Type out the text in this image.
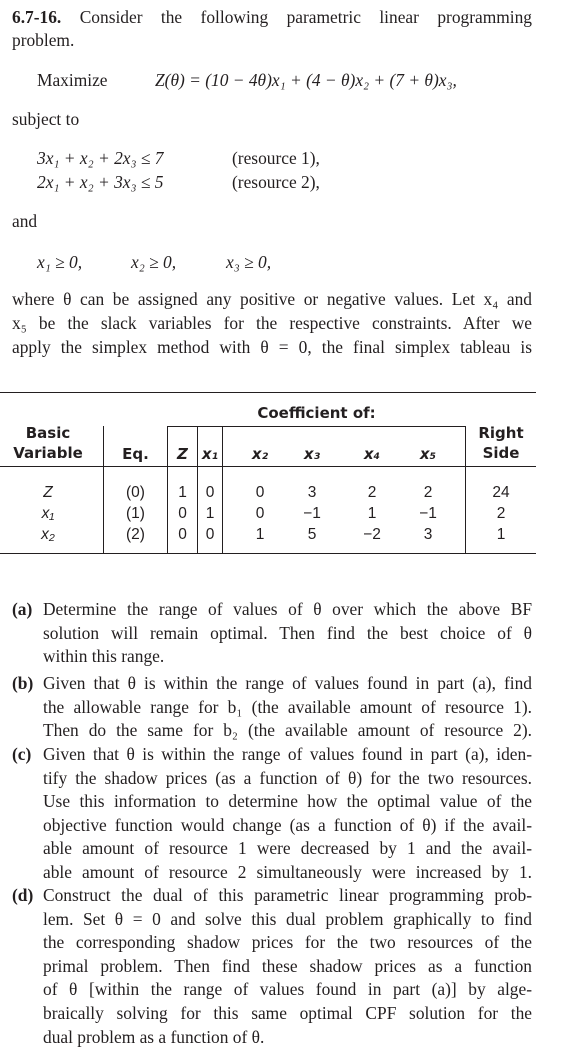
6.7-16. Consider the following parametric linear programming
problem.
Maximize	Z(θ) = (10 − 4θ)x₁ + (4 − θ)x₂ + (7 + θ)x₃,
subject to
3x₁ + x₂ + 2x₃ ≤ 7	(resource 1),
2x₁ + x₂ + 3x₃ ≤ 5	(resource 2),
and
x₁ ≥ 0,	x₂ ≥ 0,	x₃ ≥ 0,
where θ can be assigned any positive or negative values. Let x₄ and
x₅ be the slack variables for the respective constraints. After we
apply the simplex method with θ = 0, the final simplex tableau is
Coefficient of:
Basic
Variable	Eq.	Z x₁ x₂ x₃	x₄	x₅
Right
Side
Z	(0)	1	0	0	3	2	2	24
x₁	(1)	0	1	0	−1	1	−1	2
x₂	(2)	0	0	1	5	−2	3	1
(a) Determine the range of values of θ over which the above BF
solution will remain optimal. Then find the best choice of θ
within this range.
(b) Given that θ is within the range of values found in part (a), find
the allowable range for b₁ (the available amount of resource 1).
Then do the same for b₂ (the available amount of resource 2).
(c) Given that θ is within the range of values found in part (a), iden-
tify the shadow prices (as a function of θ) for the two resources.
Use this information to determine how the optimal value of the
objective function would change (as a function of θ) if the avail-
able amount of resource 1 were decreased by 1 and the avail-
able amount of resource 2 simultaneously were increased by 1.
(d) Construct the dual of this parametric linear programming prob-
lem. Set θ = 0 and solve this dual problem graphically to find
the corresponding shadow prices for the two resources of the
primal problem. Then find these shadow prices as a function
of θ [within the range of values found in part (a)] by alge-
braically solving for this same optimal CPF solution for the
dual problem as a function of θ.
